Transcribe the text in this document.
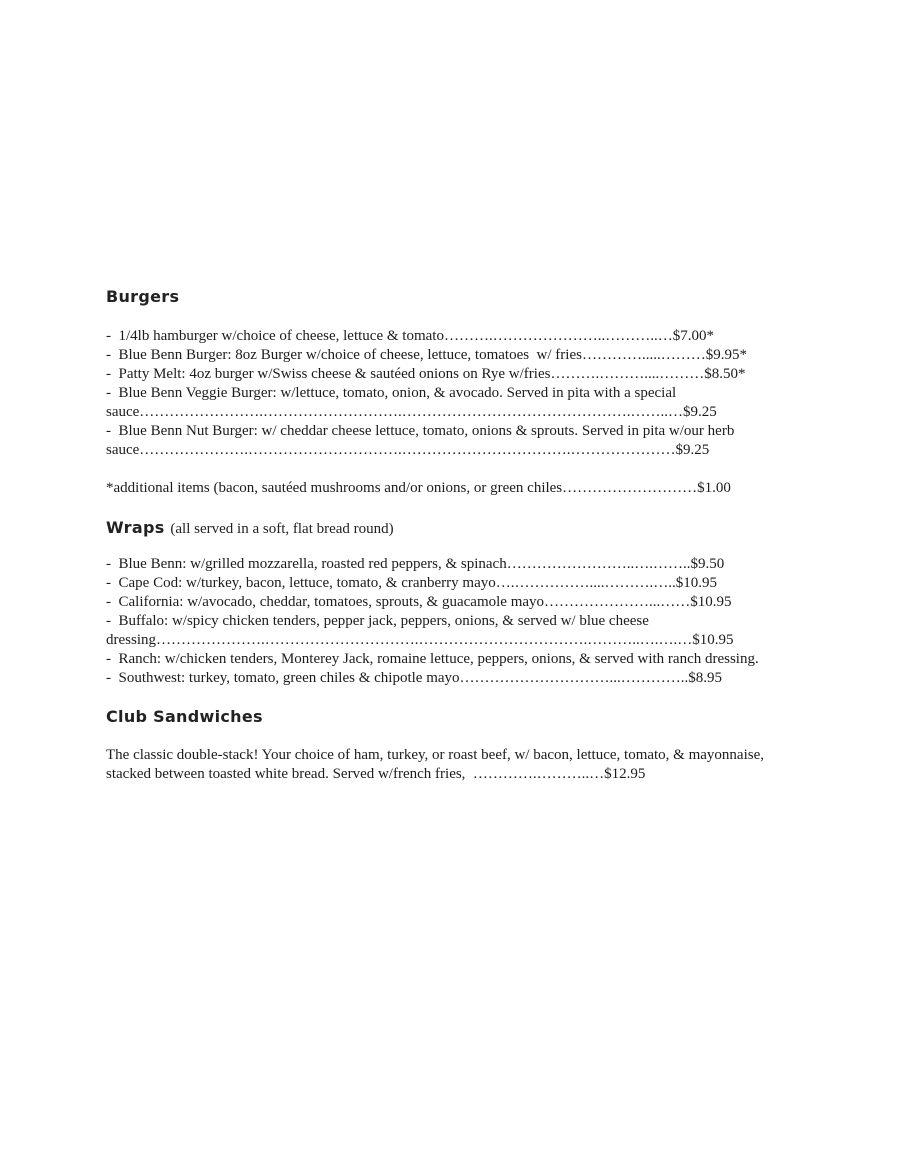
Burgers

-  1/4lb hamburger w/choice of cheese, lettuce & tomato……….…………………..………..…$7.00*

-  Blue Benn Burger: 8oz Burger w/choice of cheese, lettuce, tomatoes  w/ fries………….....………$9.95*

-  Patty Melt: 4oz burger w/Swiss cheese & sautéed onions on Rye w/fries……….………....………$8.50*

-  Blue Benn Veggie Burger: w/lettuce, tomato, onion, & avocado. Served in pita with a special sauce…………………….……………………….……………………………………….……..…$9.25

-  Blue Benn Nut Burger: w/ cheddar cheese lettuce, tomato, onions & sprouts. Served in pita w/our herb sauce………………….………………………….…………………………….…………………$9.25

*additional items (bacon, sautéed mushrooms and/or onions, or green chiles………………………$1.00

Wraps (all served in a soft, flat bread round)

-  Blue Benn: w/grilled mozzarella, roasted red peppers, & spinach……………………..….……..$9.50

-  Cape Cod: w/turkey, bacon, lettuce, tomato, & cranberry mayo….……………....……….…..$10.95

-  California: w/avocado, cheddar, tomatoes, sprouts, & guacamole mayo…………………...……$10.95

-  Buffalo: w/spicy chicken tenders, pepper jack, peppers, onions, & served w/ blue cheese dressing………………….………………………….…………………………….………..….….…$10.95

-  Ranch: w/chicken tenders, Monterey Jack, romaine lettuce, peppers, onions, & served with ranch dressing.

-  Southwest: turkey, tomato, green chiles & chipotle mayo…………………………...…………..$8.95

Club Sandwiches

The classic double-stack! Your choice of ham, turkey, or roast beef, w/ bacon, lettuce, tomato, & mayonnaise, stacked between toasted white bread. Served w/french fries,  ………….………..…$12.95
